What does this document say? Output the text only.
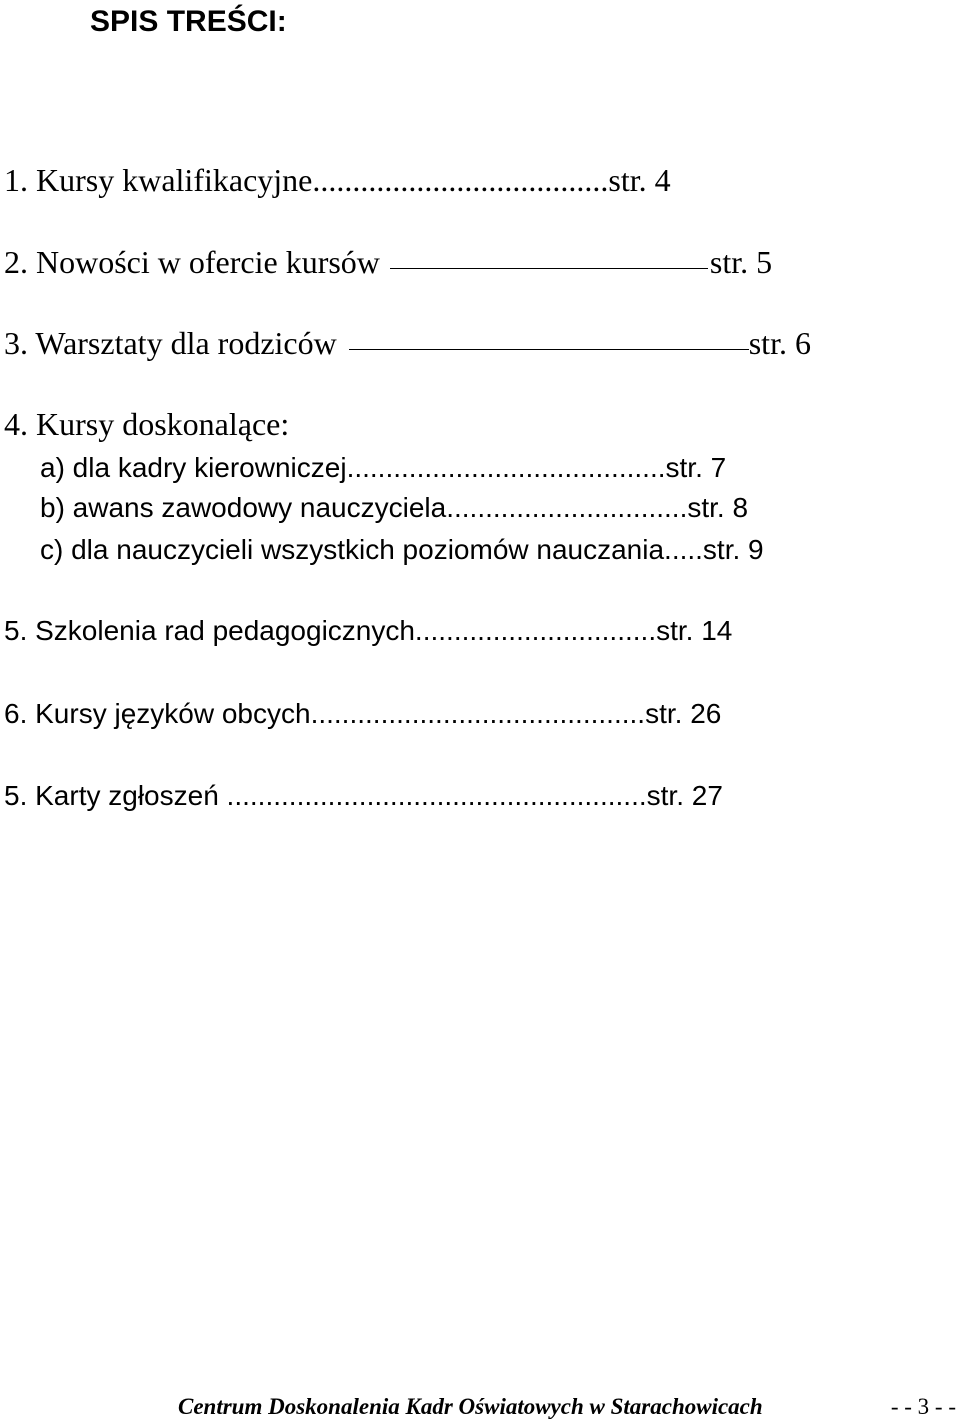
SPIS TREŚCI:
1. Kursy kwalifikacyjne.....................................str. 4
2. Nowości w ofercie kursów	str. 5
3. Warsztaty dla rodziców	str. 6
4. Kursy doskonalące:
a) dla kadry kierowniczej.........................................str. 7
b) awans zawodowy nauczyciela...............................str. 8
c) dla nauczycieli wszystkich poziomów nauczania.....str. 9
5. Szkolenia rad pedagogicznych...............................str. 14
6. Kursy języków obcych...........................................str. 26
5. Karty zgłoszeń ......................................................str. 27
Centrum Doskonalenia Kadr Oświatowych w Starachowicach	- - 3 - -
